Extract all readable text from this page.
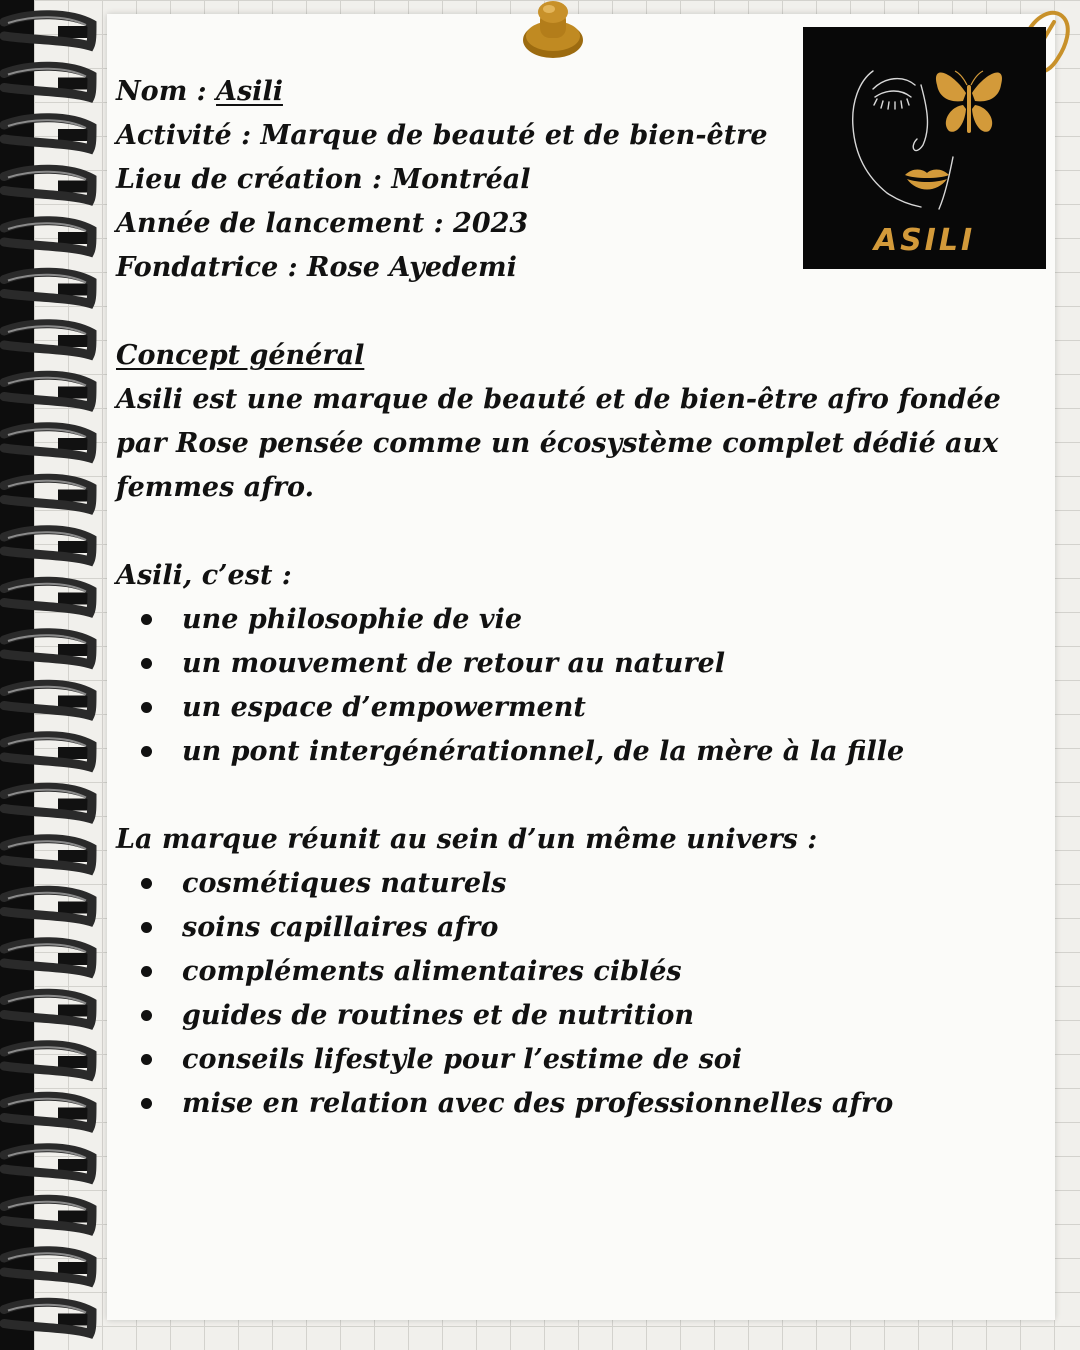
ASILI

Nom : Asili

Activité : Marque de beauté et de bien-être

Lieu de création : Montréal

Année de lancement : 2023

Fondatrice : Rose Ayedemi

Concept général

Asili est une marque de beauté et de bien-être afro fondée par Rose pensée comme un écosystème complet dédié aux femmes afro.

Asili, c’est :

une philosophie de vie
un mouvement de retour au naturel
un espace d’empowerment
un pont intergénérationnel, de la mère à la fille

La marque réunit au sein d’un même univers :

cosmétiques naturels
soins capillaires afro
compléments alimentaires ciblés
guides de routines et de nutrition
conseils lifestyle pour l’estime de soi
mise en relation avec des professionnelles afro
